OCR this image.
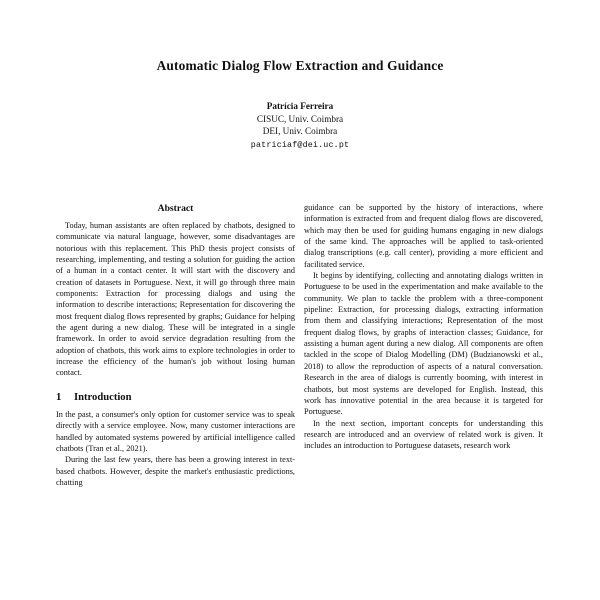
Automatic Dialog Flow Extraction and Guidance
Patrícia Ferreira
CISUC, Univ. Coimbra
DEI, Univ. Coimbra
patriciaf@dei.uc.pt
Abstract

Today, human assistants are often replaced by chatbots, designed to communicate via natural language, however, some disadvantages are notorious with this replacement. This PhD thesis project consists of researching, implementing, and testing a solution for guiding the action of a human in a contact center. It will start with the discovery and creation of datasets in Portuguese. Next, it will go through three main components: Extraction for processing dialogs and using the information to describe interactions; Representation for discovering the most frequent dialog flows represented by graphs; Guidance for helping the agent during a new dialog. These will be integrated in a single framework. In order to avoid service degradation resulting from the adoption of chatbots, this work aims to explore technologies in order to increase the efficiency of the human's job without losing human contact.

1	Introduction

In the past, a consumer's only option for customer service was to speak directly with a service employee. Now, many customer interactions are handled by automated systems powered by artificial intelligence called chatbots (Tran et al., 2021).

During the last few years, there has been a growing interest in text-based chatbots. However, despite the market's enthusiastic predictions, chatting

guidance can be supported by the history of interactions, where information is extracted from and frequent dialog flows are discovered, which may then be used for guiding humans engaging in new dialogs of the same kind. The approaches will be applied to task-oriented dialog transcriptions (e.g. call center), providing a more efficient and facilitated service.

It begins by identifying, collecting and annotating dialogs written in Portuguese to be used in the experimentation and make available to the community. We plan to tackle the problem with a three-component pipeline: Extraction, for processing dialogs, extracting information from them and classifying interactions; Representation of the most frequent dialog flows, by graphs of interaction classes; Guidance, for assisting a human agent during a new dialog. All components are often tackled in the scope of Dialog Modelling (DM) (Budzianowski et al., 2018) to allow the reproduction of aspects of a natural conversation. Research in the area of dialogs is currently booming, with interest in chatbots, but most systems are developed for English. Instead, this work has innovative potential in the area because it is targeted for Portuguese.

In the next section, important concepts for understanding this research are introduced and an overview of related work is given. It includes an introduction to Portuguese datasets, research work
